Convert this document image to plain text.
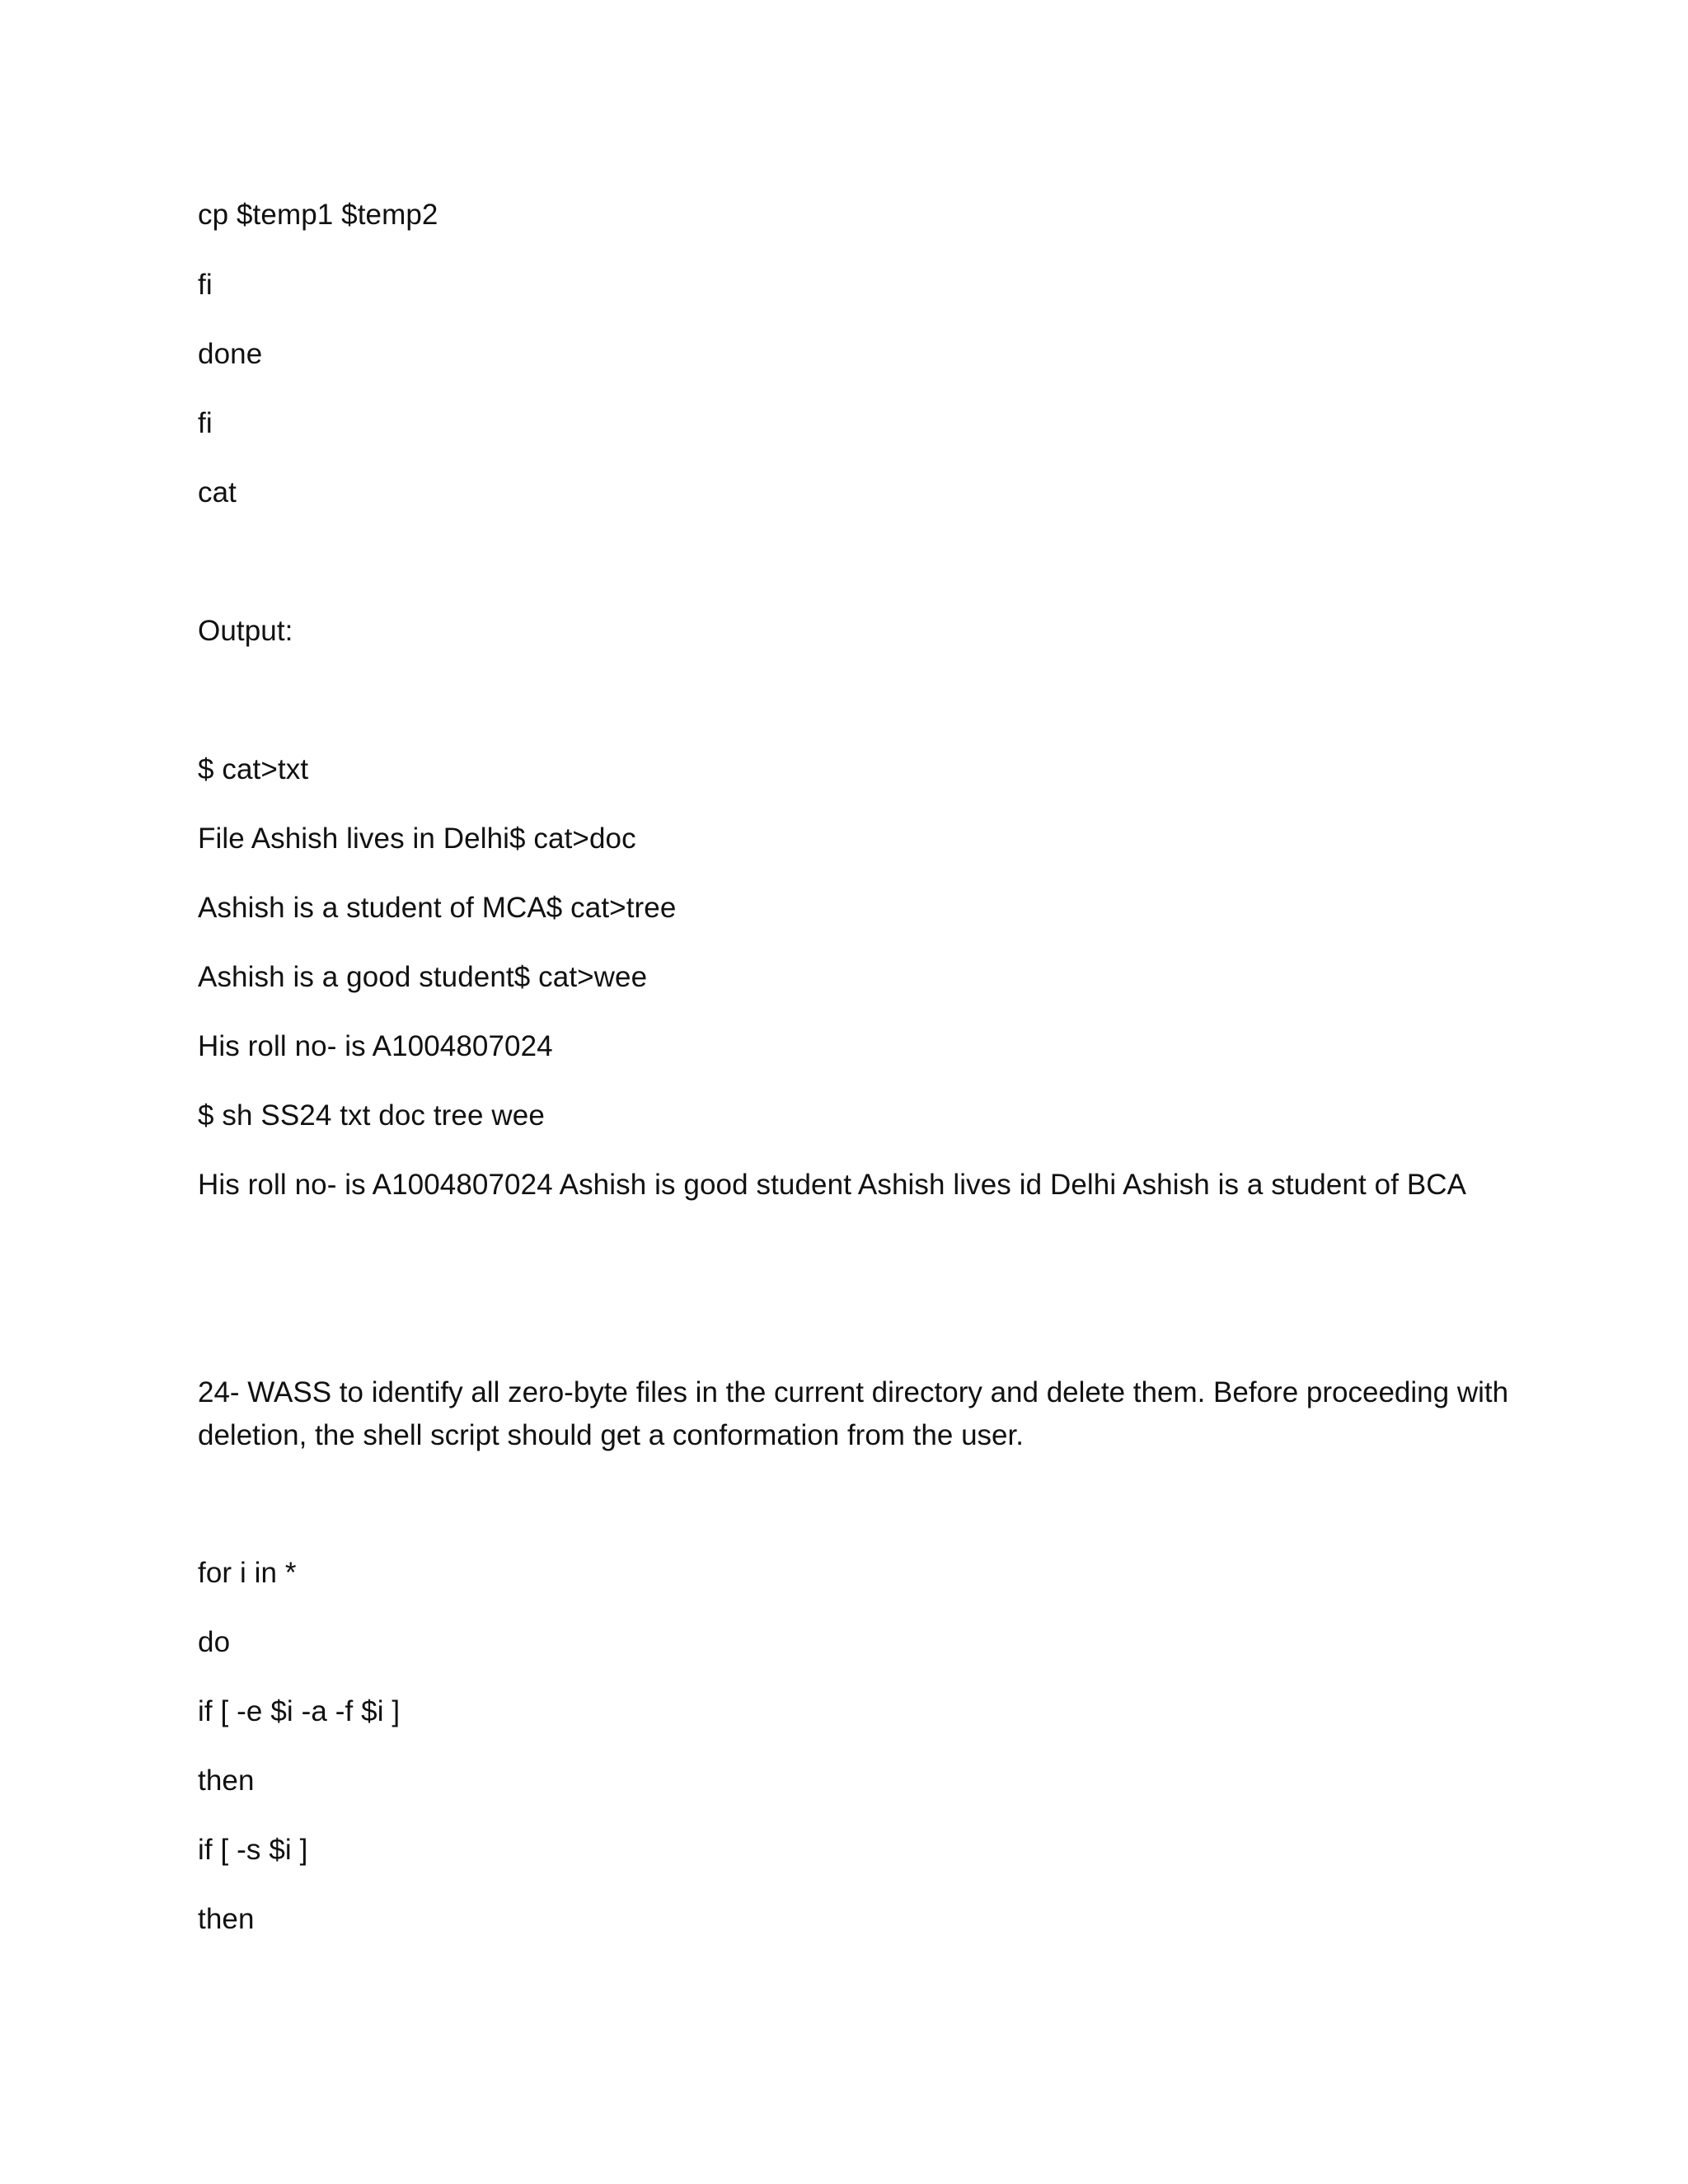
cp $temp1 $temp2
fi
done
fi
cat
Output:
$ cat>txt
File Ashish lives in Delhi$ cat>doc
Ashish is a student of MCA$ cat>tree
Ashish is a good student$ cat>wee
His roll no- is A1004807024
$ sh SS24 txt doc tree wee
His roll no- is A1004807024 Ashish is good student Ashish lives id Delhi Ashish is a student of BCA
24- WASS to identify all zero-byte files in the current directory and delete them. Before proceeding with deletion, the shell script should get a conformation from the user.
for i in *
do
if [ -e $i -a -f $i ]
then
if [ -s $i ]
then
